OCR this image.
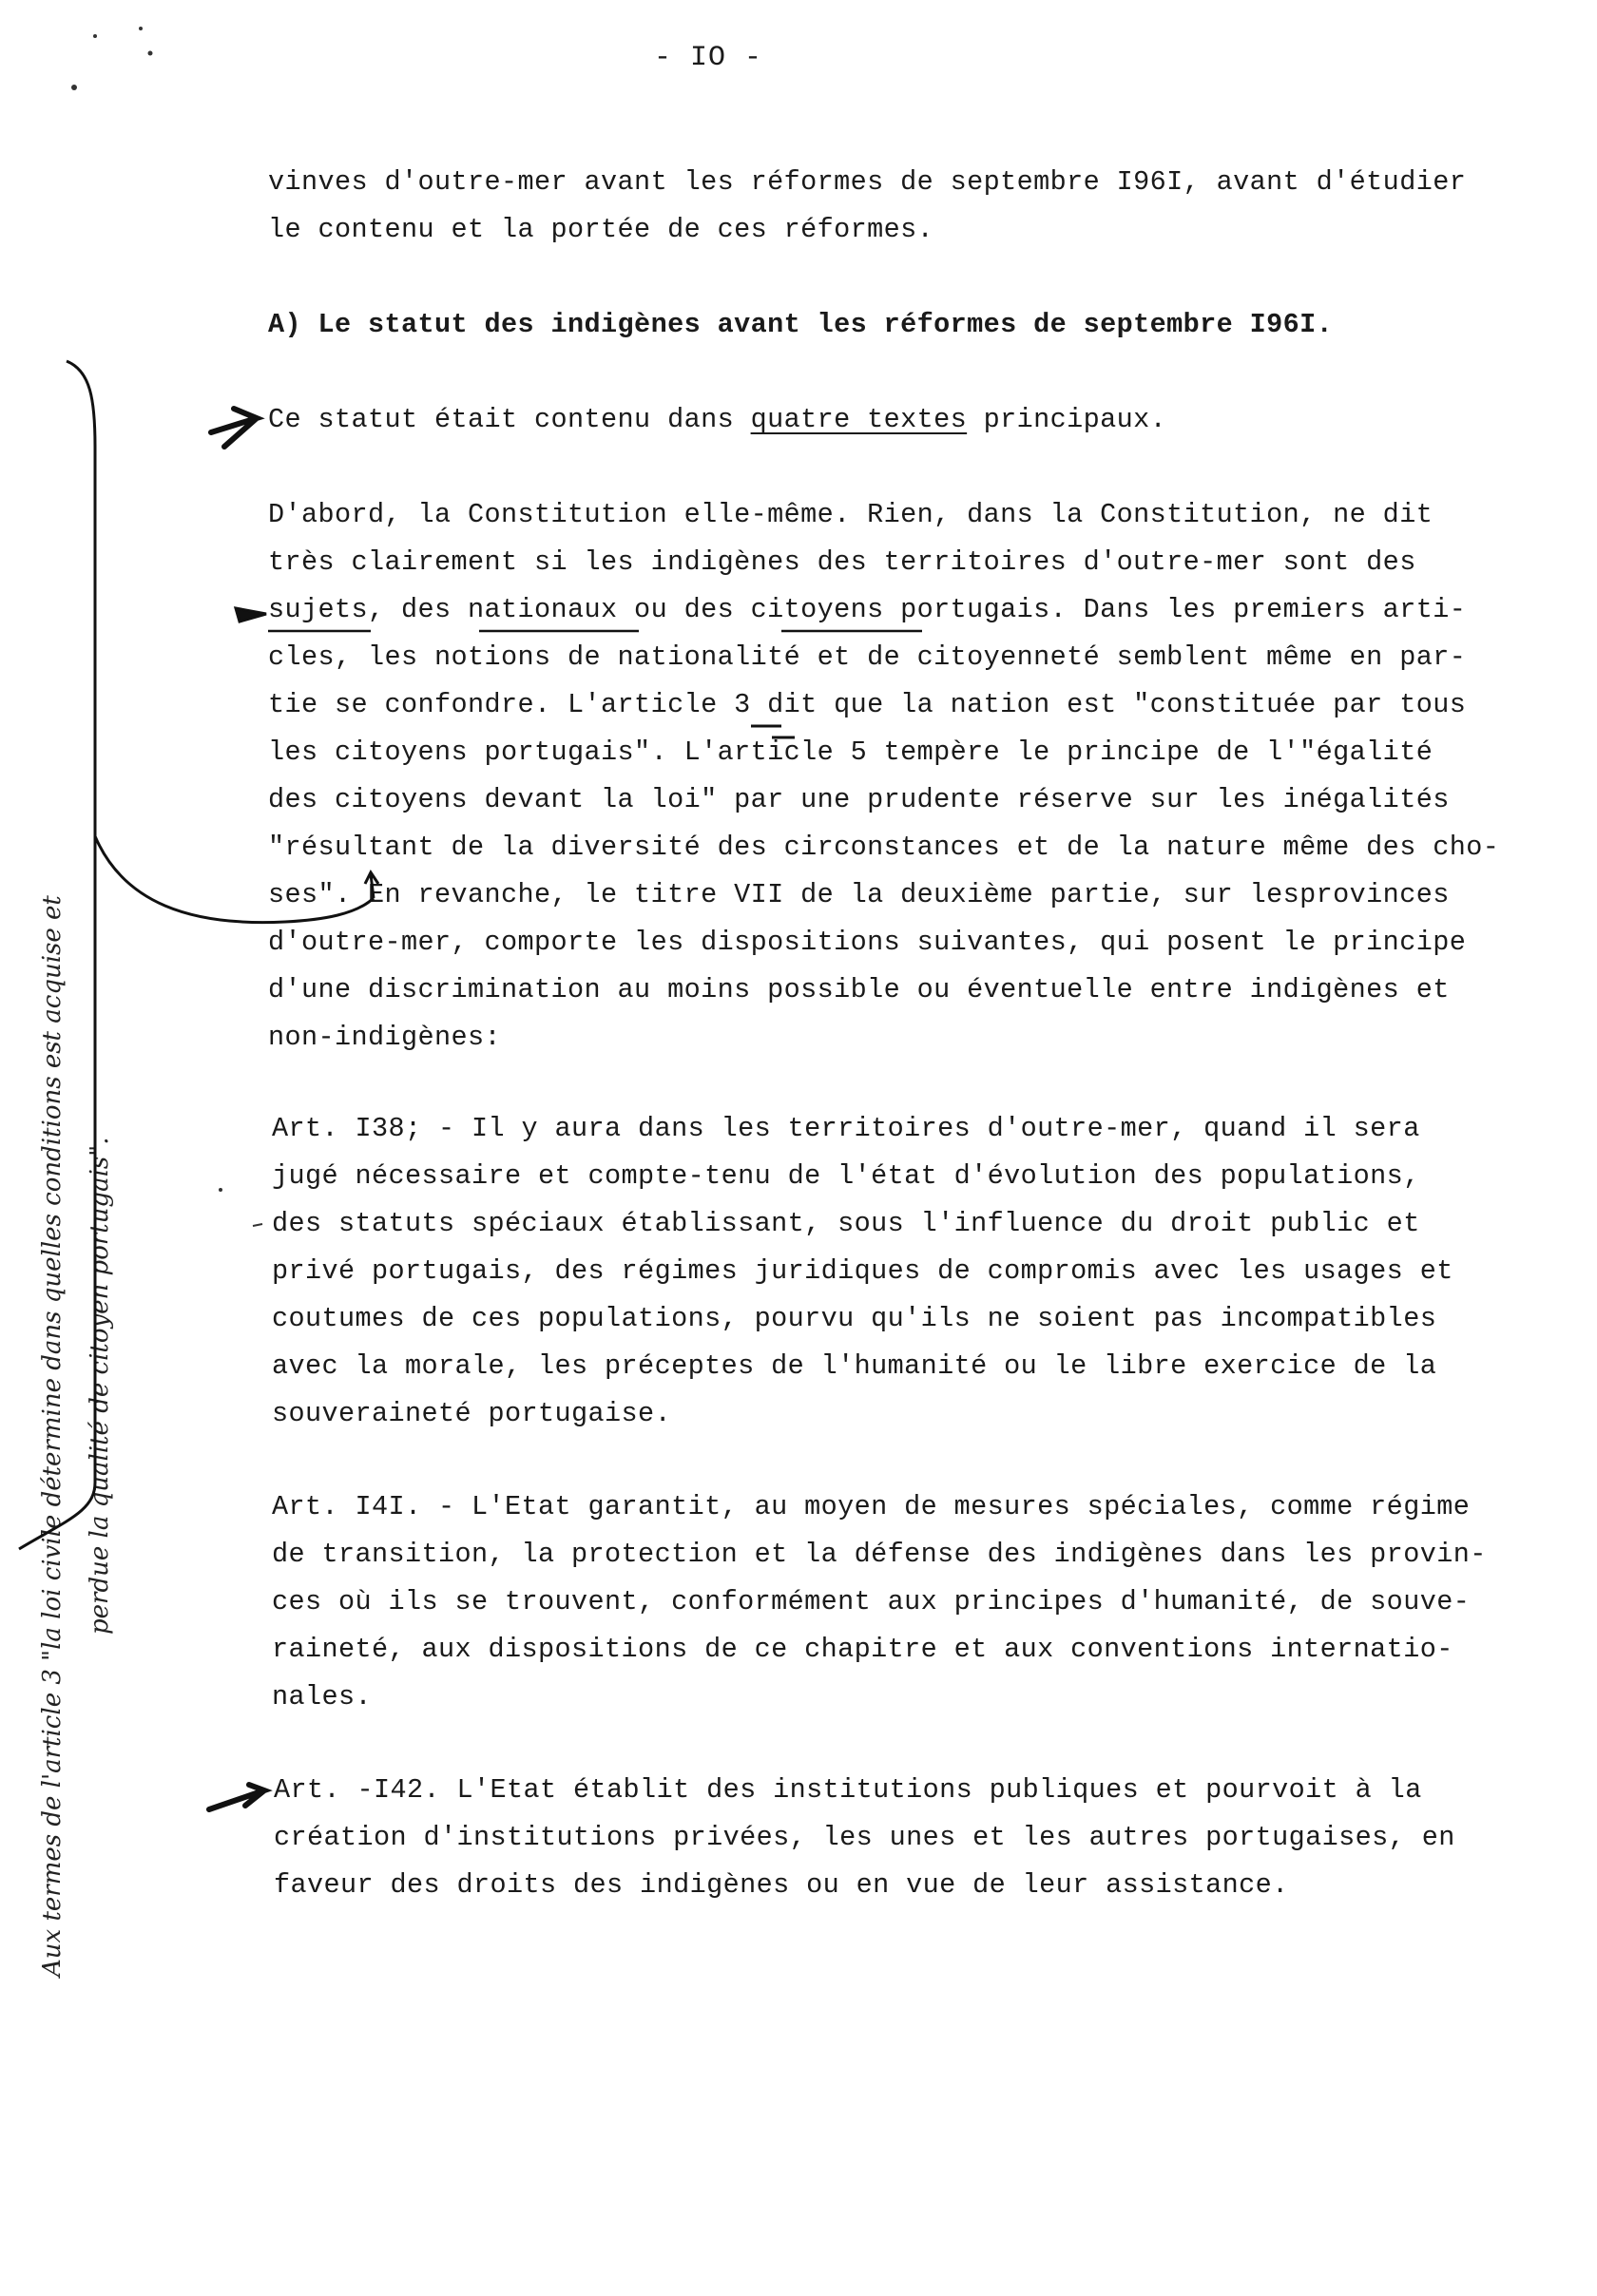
- IO -
vinves d'outre-mer avant les réformes de septembre I96I, avant d'étudier
le contenu et la portée de ces réformes.
A) Le statut des indigènes avant les réformes de septembre I96I.
Ce statut était contenu dans quatre textes principaux.
D'abord, la Constitution elle-même. Rien, dans la Constitution, ne dit
très clairement si les indigènes des territoires d'outre-mer sont des
sujets, des nationaux ou des citoyens portugais. Dans les premiers arti-
cles, les notions de nationalité et de citoyenneté semblent même en par-
tie se confondre. L'article 3 dit que la nation est "constituée par tous
les citoyens portugais". L'article 5 tempère le principe de l'"égalité
des citoyens devant la loi" par une prudente réserve sur les inégalités
"résultant de la diversité des circonstances et de la nature même des cho-
ses". En revanche, le titre VII de la deuxième partie, sur lesprovinces
d'outre-mer, comporte les dispositions suivantes, qui posent le principe
d'une discrimination au moins possible ou éventuelle entre indigènes et
non-indigènes:
Art. I38; - Il y aura dans les territoires d'outre-mer, quand il sera
jugé nécessaire et compte-tenu de l'état d'évolution des populations,
des statuts spéciaux établissant, sous l'influence du droit public et
privé portugais, des régimes juridiques de compromis avec les usages et
coutumes de ces populations, pourvu qu'ils ne soient pas incompatibles
avec la morale, les préceptes de l'humanité ou le libre exercice de la
souveraineté portugaise.
Art. I4I. - L'Etat garantit, au moyen de mesures spéciales, comme régime
de transition, la protection et la défense des indigènes dans les provin-
ces où ils se trouvent, conformément aux principes d'humanité, de souve-
raineté, aux dispositions de ce chapitre et aux conventions internatio-
nales.
Art. -I42. L'Etat établit des institutions publiques et pourvoit à la
création d'institutions privées, les unes et les autres portugaises, en
faveur des droits des indigènes ou en vue de leur assistance.
Aux termes de l'article 3 "la loi civile détermine dans quelles conditions est acquise et perdue la qualité de citoyen portugais".
